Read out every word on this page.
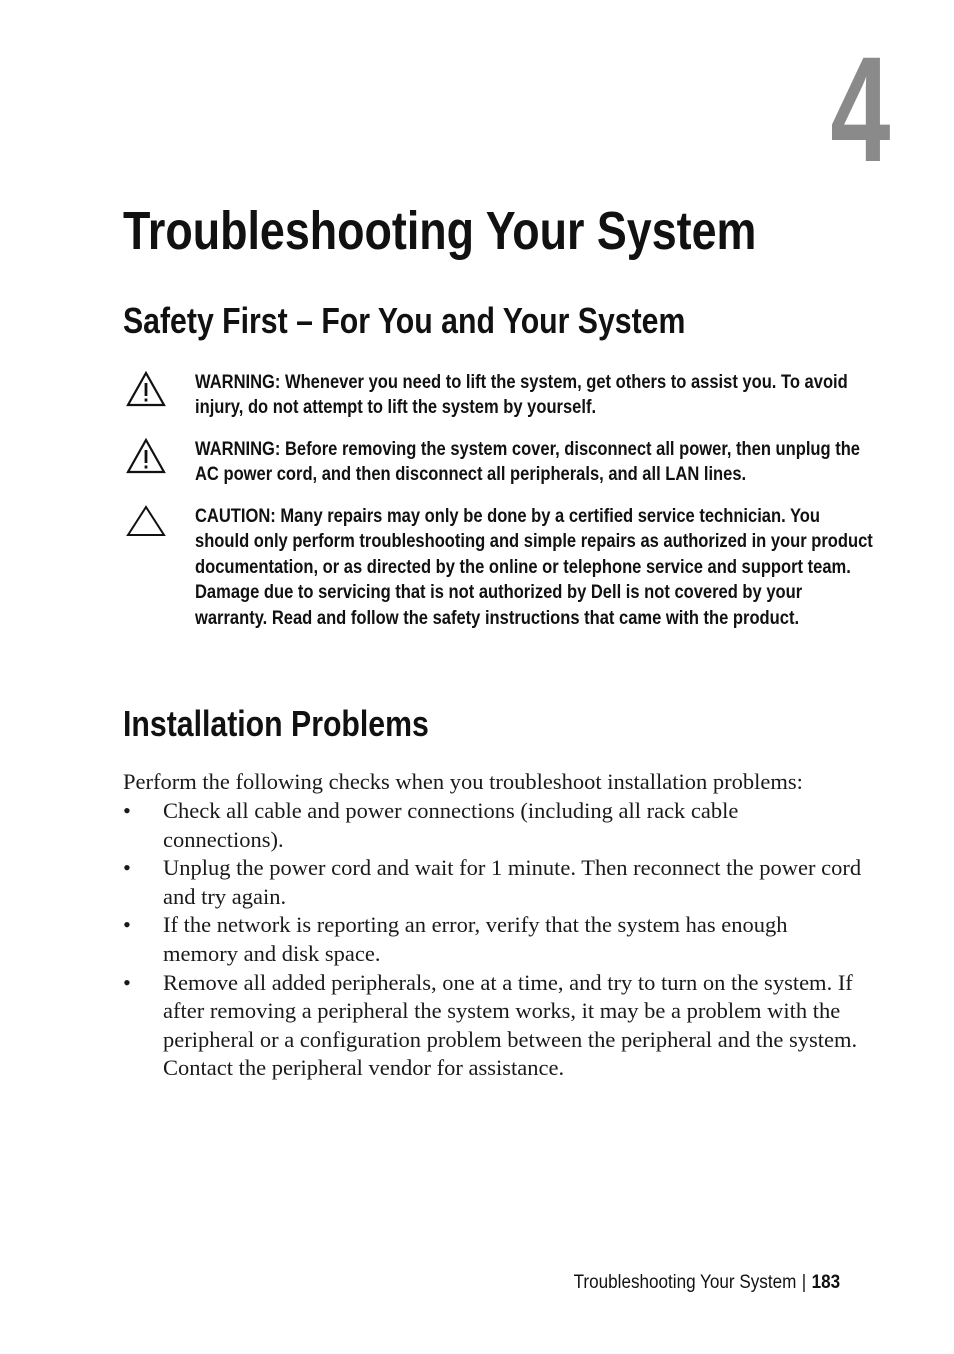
4
Troubleshooting Your System
Safety First – For You and Your System
WARNING: Whenever you need to lift the system, get others to assist you. To avoid injury, do not attempt to lift the system by yourself.
WARNING: Before removing the system cover, disconnect all power, then unplug the AC power cord, and then disconnect all peripherals, and all LAN lines.
CAUTION: Many repairs may only be done by a certified service technician. You should only perform troubleshooting and simple repairs as authorized in your product documentation, or as directed by the online or telephone service and support team. Damage due to servicing that is not authorized by Dell is not covered by your warranty. Read and follow the safety instructions that came with the product.
Installation Problems

Perform the following checks when you troubleshoot installation problems:

• Check all cable and power connections (including all rack cable connections).
• Unplug the power cord and wait for 1 minute. Then reconnect the power cord and try again.
• If the network is reporting an error, verify that the system has enough memory and disk space.
• Remove all added peripherals, one at a time, and try to turn on the system. If after removing a peripheral the system works, it may be a problem with the peripheral or a configuration problem between the peripheral and the system. Contact the peripheral vendor for assistance.
Troubleshooting Your System | 183
